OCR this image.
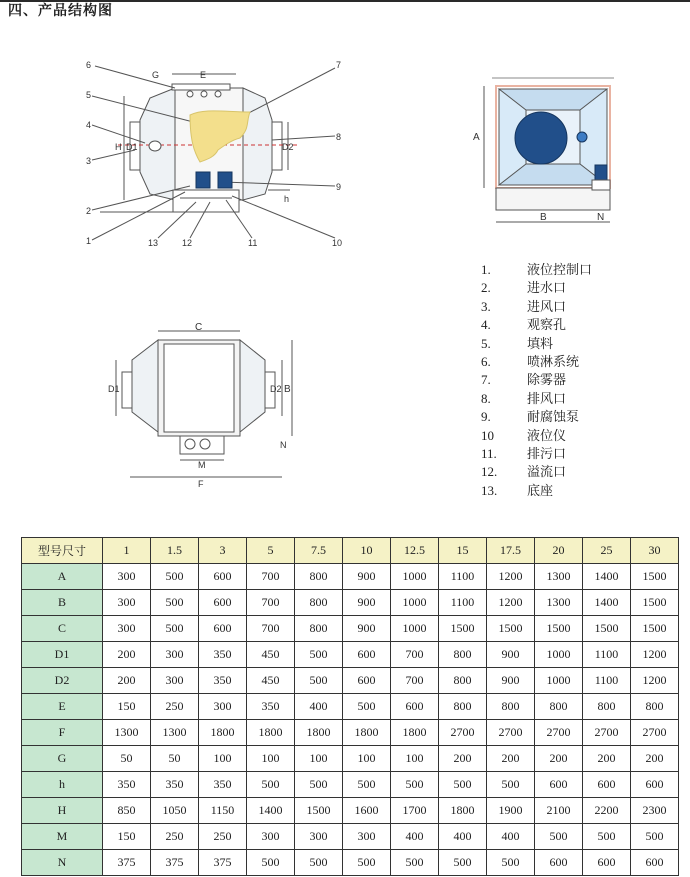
四、产品结构图
G	E
H D1	D2
h
1
2
3
4
5
6	7
8
9
10
11
12
13
A
B	N
C
D1	D2 B
N
M
F
1.	液位控制口
2.	进水口
3.	进风口
4.	观察孔
5.	填料
6.	喷淋系统
7.	除雾器
8.	排风口
9.	耐腐蚀泵
10	液位仪
11. 排污口
12. 溢流口
13. 底座
型号尺寸	1	1.5	3	5	7.5	10	12.5	15	17.5	20	25	30
A	300	500	600	700	800	900	1000	1100	1200	1300	1400	1500
B	300	500	600	700	800	900	1000	1100	1200	1300	1400	1500
C	300	500	600	700	800	900	1000	1500	1500	1500	1500	1500
D1	200	300	350	450	500	600	700	800	900	1000	1100	1200
D2	200	300	350	450	500	600	700	800	900	1000	1100	1200
E	150	250	300	350	400	500	600	800	800	800	800	800
F	1300	1300	1800	1800	1800	1800	1800	2700	2700	2700	2700	2700
G	50	50	100	100	100	100	100	200	200	200	200	200
h	350	350	350	500	500	500	500	500	500	600	600	600
H	850	1050	1150	1400	1500	1600	1700	1800	1900	2100	2200	2300
M	150	250	250	300	300	300	400	400	400	500	500	500
N	375	375	375	500	500	500	500	500	500	600	600	600
